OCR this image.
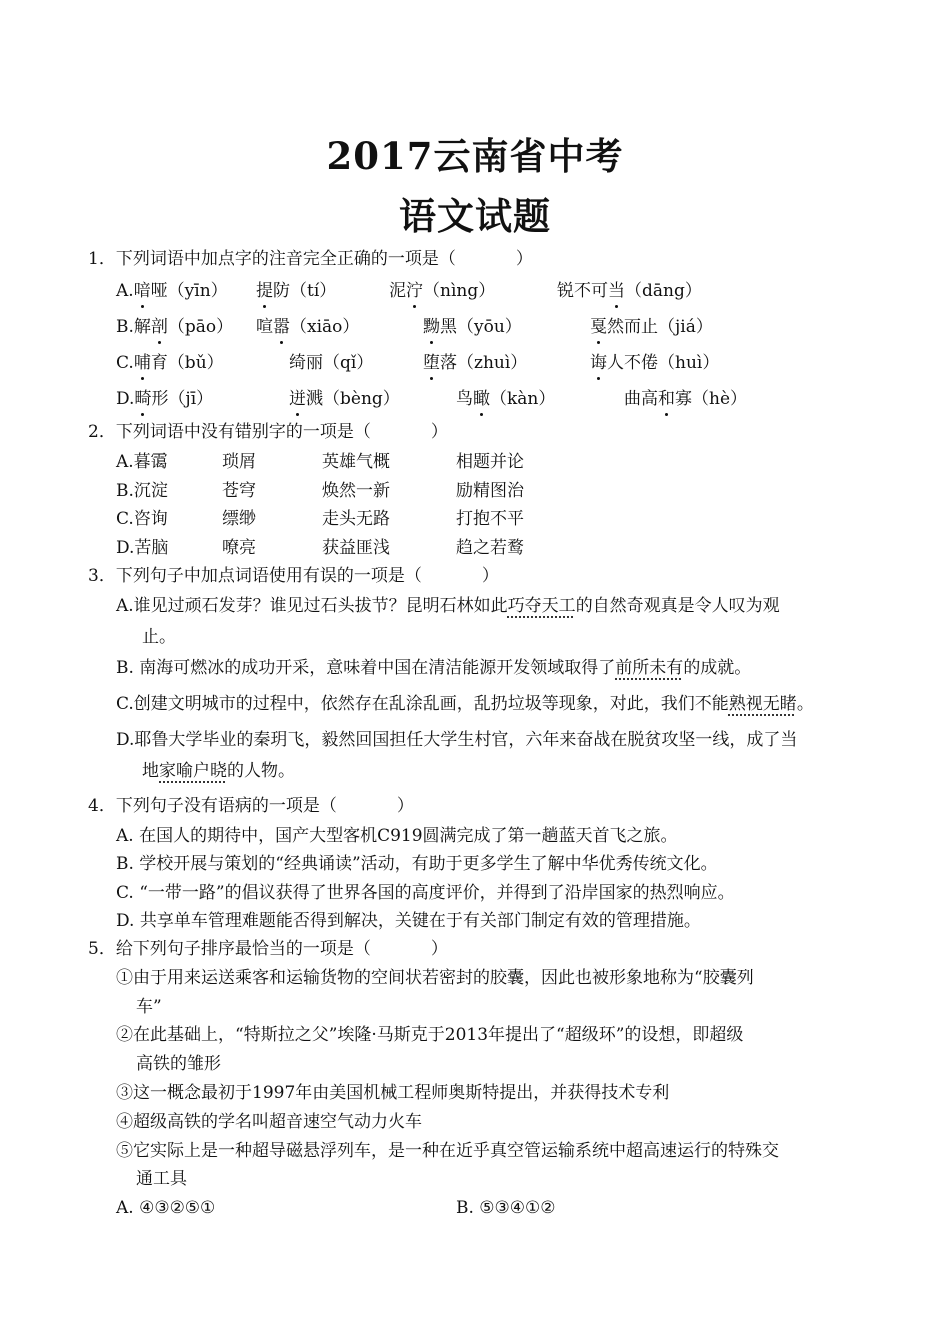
2017云南省中考
语文试题
1．下列词语中加点字的注音完全正确的一项是（	）
A.喑哑（yīn） 提防（tí）	泥泞（nìng）	锐不可当（dāng）
B.解剖（pāo） 喧嚣（xiāo）	黝黑（yōu）	戛然而止（jiá）
C.哺育（bǔ）	绮丽（qǐ）	堕落（zhuì）	诲人不倦（huì）
D.畸形（jī）	迸溅（bèng）	鸟瞰（kàn）	曲高和寡（hè）
2．下列词语中没有错别字的一项是（	）
A.暮霭	琐屑	英雄气概	相题并论
B.沉淀	苍穹	焕然一新	励精图治
C.咨询	缥缈	走头无路	打抱不平
D.苦脑	嘹亮	获益匪浅	趋之若鹜
3．下列句子中加点词语使用有误的一项是（	）
A.谁见过顽石发芽？谁见过石头拔节？昆明石林如此巧夺天工的自然奇观真是令人叹为观
止。
B. 南海可燃冰的成功开采，意味着中国在清洁能源开发领域取得了前所未有的成就。
C.创建文明城市的过程中，依然存在乱涂乱画，乱扔垃圾等现象，对此，我们不能熟视无睹。
D.耶鲁大学毕业的秦玥飞，毅然回国担任大学生村官，六年来奋战在脱贫攻坚一线，成了当
地家喻户晓的人物。
4．下列句子没有语病的一项是（	）
A. 在国人的期待中，国产大型客机C919圆满完成了第一趟蓝天首飞之旅。
B. 学校开展与策划的“经典诵读”活动，有助于更多学生了解中华优秀传统文化。
C. “一带一路”的倡议获得了世界各国的高度评价，并得到了沿岸国家的热烈响应。
D. 共享单车管理难题能否得到解决，关键在于有关部门制定有效的管理措施。
5．给下列句子排序最恰当的一项是（	）
①由于用来运送乘客和运输货物的空间状若密封的胶囊，因此也被形象地称为“胶囊列
车”
②在此基础上，“特斯拉之父”埃隆·马斯克于2013年提出了“超级环”的设想，即超级
高铁的雏形
③这一概念最初于1997年由美国机械工程师奥斯特提出，并获得技术专利
④超级高铁的学名叫超音速空气动力火车
⑤它实际上是一种超导磁悬浮列车，是一种在近乎真空管运输系统中超高速运行的特殊交
通工具
A. ④③②⑤①	B. ⑤③④①②
